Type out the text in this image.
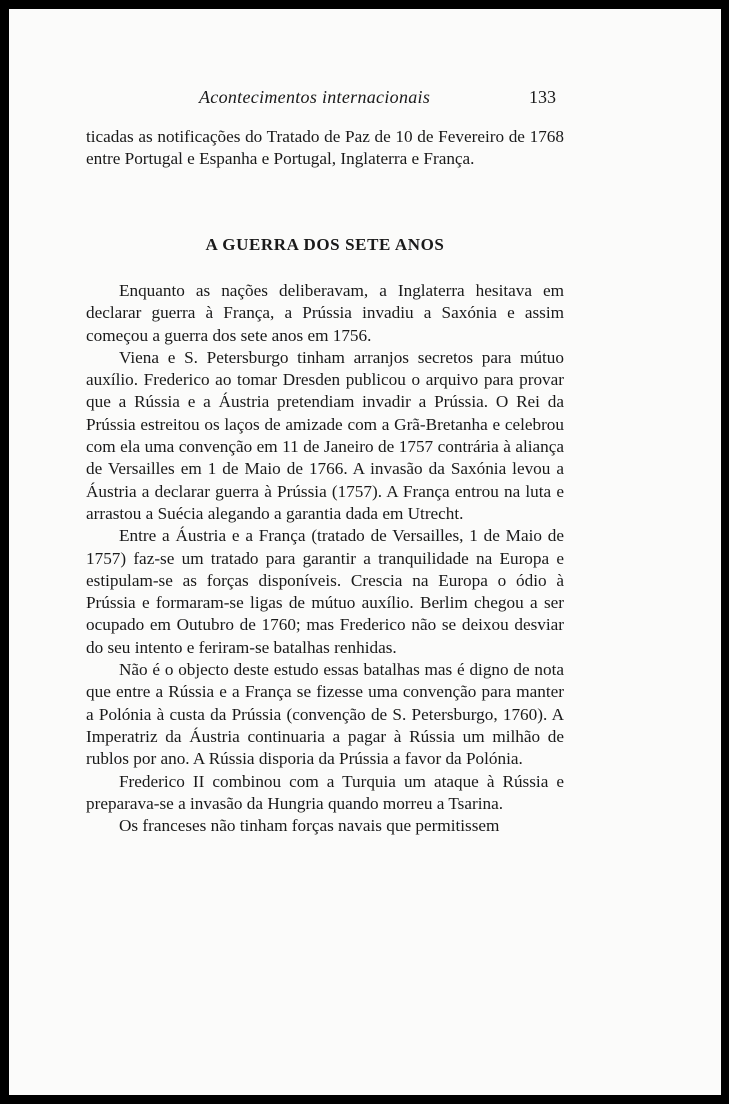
Acontecimentos internacionais	133

ticadas as notificações do Tratado de Paz de 10 de Fevereiro de 1768 entre Portugal e Espanha e Portugal, Inglaterra e França.

A GUERRA DOS SETE ANOS

Enquanto as nações deliberavam, a Inglaterra hesitava em declarar guerra à França, a Prússia invadiu a Saxónia e assim começou a guerra dos sete anos em 1756.

Viena e S. Petersburgo tinham arranjos secretos para mútuo auxílio. Frederico ao tomar Dresden publicou o arquivo para provar que a Rússia e a Áustria pretendiam invadir a Prússia. O Rei da Prússia estreitou os laços de amizade com a Grã-Bretanha e celebrou com ela uma convenção em 11 de Janeiro de 1757 contrária à aliança de Versailles em 1 de Maio de 1766. A invasão da Saxónia levou a Áustria a declarar guerra à Prússia (1757). A França entrou na luta e arrastou a Suécia alegando a garantia dada em Utrecht.

Entre a Áustria e a França (tratado de Versailles, 1 de Maio de 1757) faz-se um tratado para garantir a tranquilidade na Europa e estipulam-se as forças disponíveis. Crescia na Europa o ódio à Prússia e formaram-se ligas de mútuo auxílio. Berlim chegou a ser ocupado em Outubro de 1760; mas Frederico não se deixou desviar do seu intento e feriram-se batalhas renhidas.

Não é o objecto deste estudo essas batalhas mas é digno de nota que entre a Rússia e a França se fizesse uma convenção para manter a Polónia à custa da Prússia (convenção de S. Petersburgo, 1760). A Imperatriz da Áustria continuaria a pagar à Rússia um milhão de rublos por ano. A Rússia disporia da Prússia a favor da Polónia.

Frederico II combinou com a Turquia um ataque à Rússia e preparava-se a invasão da Hungria quando morreu a Tsarina.

Os franceses não tinham forças navais que permitissem
